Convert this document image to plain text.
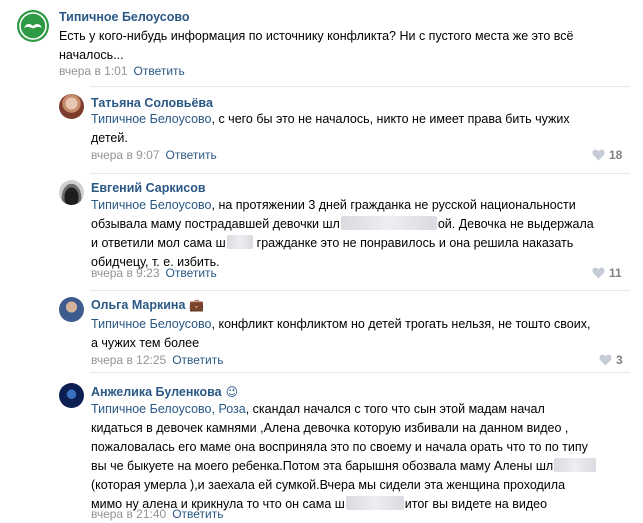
Типичное Белоусово
Есть у кого-нибудь информация по источнику конфликта? Ни с пустого места же это всё
началось...
вчера в 1:01 Ответить
Татьяна Соловьёва
Типичное Белоусово, с чего бы это не началось, никто не имеет права бить чужих
детей.
вчера в 9:07 Ответить	18
Евгений Саркисов
Типичное Белоусово, на протяжении 3 дней гражданка не русской национальности
обзывала маму пострадавшей девочки шл	ой. Девочка не выдержала
и ответили мол сама ш гражданке это не понравилось и она решила наказать
обидчецу, т. е. избить.
вчера в 9:23 Ответить	11
Ольга Маркина 💼
Типичное Белоусово, конфликт конфликтом но детей трогать нельзя, не тошто своих,
а чужих тем более
вчера в 12:25 Ответить	3
Анжелика Буленкова 😉
Типичное Белоусово, Роза, скандал начался с того что сын этой мадам начал
кидаться в девочек камнями ,Алена девочка которую избивали на данном видео ,
пожаловалась его маме она восприняла это по своему и начала орать что то по типу
вы че быкуете на моего ребенка.Потом эта барышня обозвала маму Алены шл
(которая умерла ),и заехала ей сумкой.Вчера мы сидели эта женщина проходила
мимо ну алена и крикнула то что он сама ш	итог вы видете на видео
вчера в 21:40 Ответить
